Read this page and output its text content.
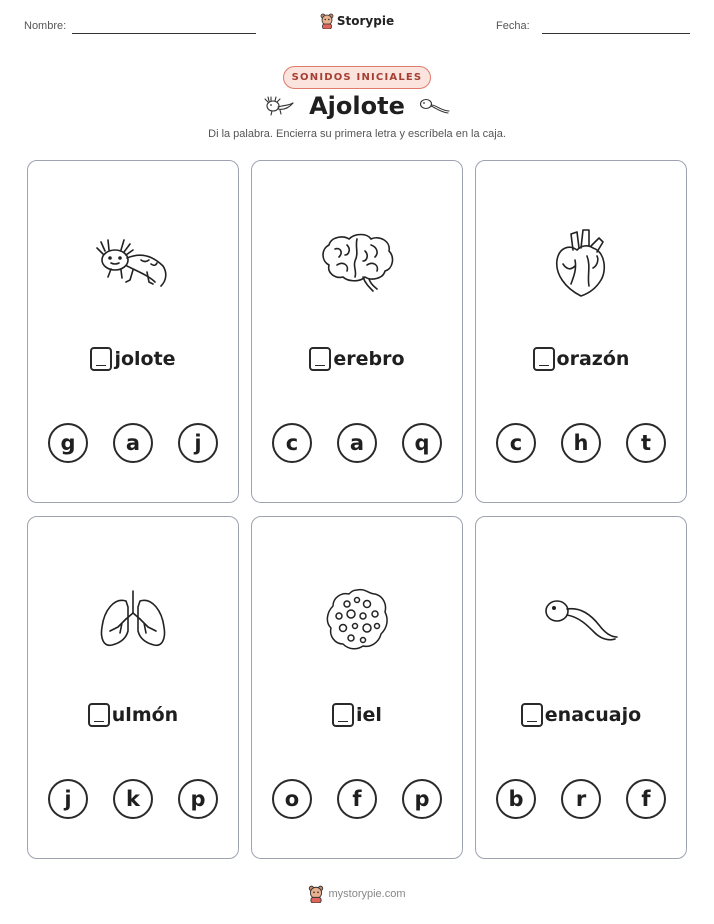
Nombre:	Storypie	Fecha:
SONIDOS INICIALES
Ajolote
Di la palabra. Encierra su primera letra y escríbela en la caja.
jolote
g	a	j
erebro
c	a	q
orazón
c	h	t
ulmón
j	k	p
iel
o	f	p
enacuajo
b	r	f
mystorypie.com
